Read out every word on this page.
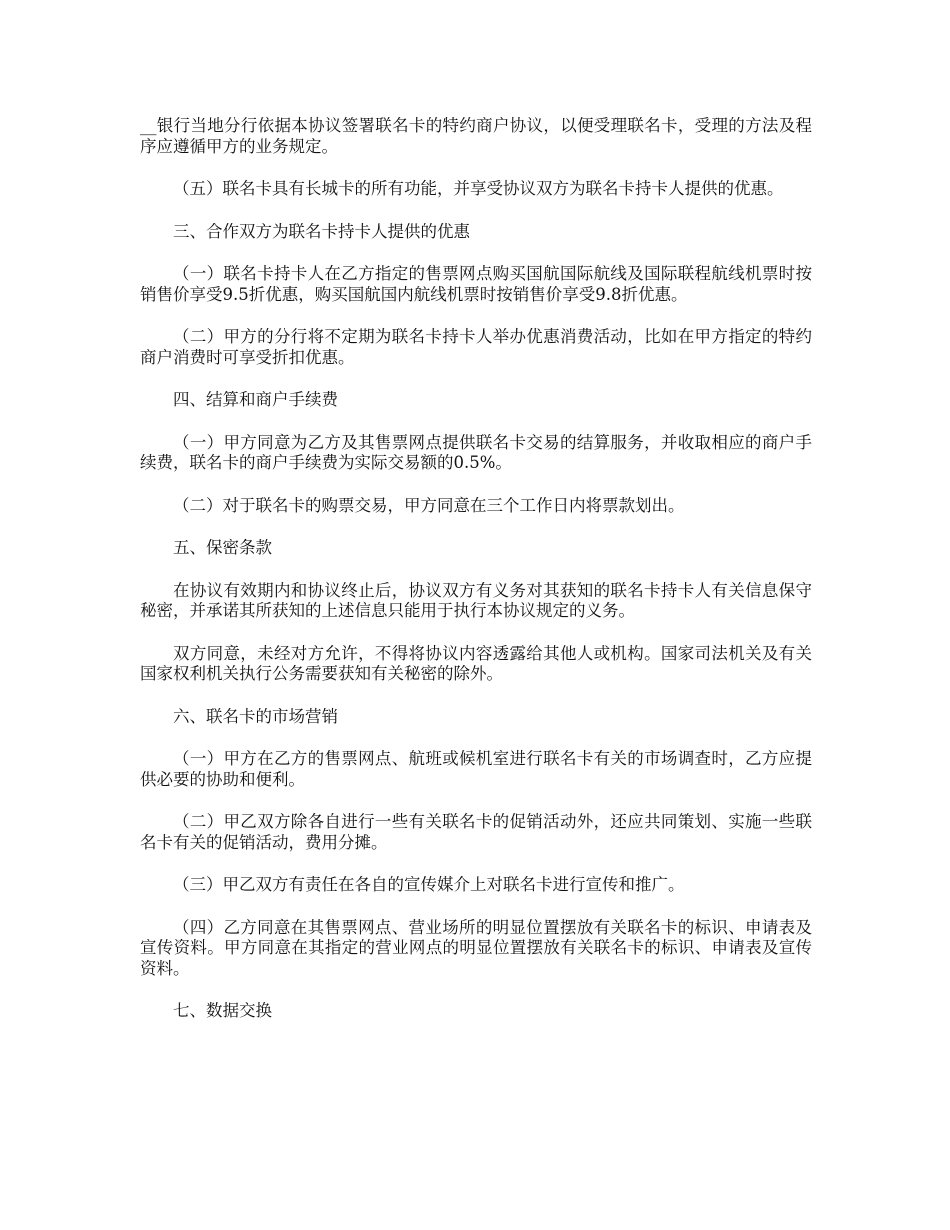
__银行当地分行依据本协议签署联名卡的特约商户协议，以便受理联名卡，受理的方法及程序应遵循甲方的业务规定。

（五）联名卡具有长城卡的所有功能，并享受协议双方为联名卡持卡人提供的优惠。

三、合作双方为联名卡持卡人提供的优惠

（一）联名卡持卡人在乙方指定的售票网点购买国航国际航线及国际联程航线机票时按销售价享受9.5折优惠，购买国航国内航线机票时按销售价享受9.8折优惠。

（二）甲方的分行将不定期为联名卡持卡人举办优惠消费活动，比如在甲方指定的特约商户消费时可享受折扣优惠。

四、结算和商户手续费

（一）甲方同意为乙方及其售票网点提供联名卡交易的结算服务，并收取相应的商户手续费，联名卡的商户手续费为实际交易额的0.5%。

（二）对于联名卡的购票交易，甲方同意在三个工作日内将票款划出。

五、保密条款

在协议有效期内和协议终止后，协议双方有义务对其获知的联名卡持卡人有关信息保守秘密，并承诺其所获知的上述信息只能用于执行本协议规定的义务。

双方同意，未经对方允许，不得将协议内容透露给其他人或机构。国家司法机关及有关国家权利机关执行公务需要获知有关秘密的除外。

六、联名卡的市场营销

（一）甲方在乙方的售票网点、航班或候机室进行联名卡有关的市场调查时，乙方应提供必要的协助和便利。

（二）甲乙双方除各自进行一些有关联名卡的促销活动外，还应共同策划、实施一些联名卡有关的促销活动，费用分摊。

（三）甲乙双方有责任在各自的宣传媒介上对联名卡进行宣传和推广。

（四）乙方同意在其售票网点、营业场所的明显位置摆放有关联名卡的标识、申请表及宣传资料。甲方同意在其指定的营业网点的明显位置摆放有关联名卡的标识、申请表及宣传资料。

七、数据交换
